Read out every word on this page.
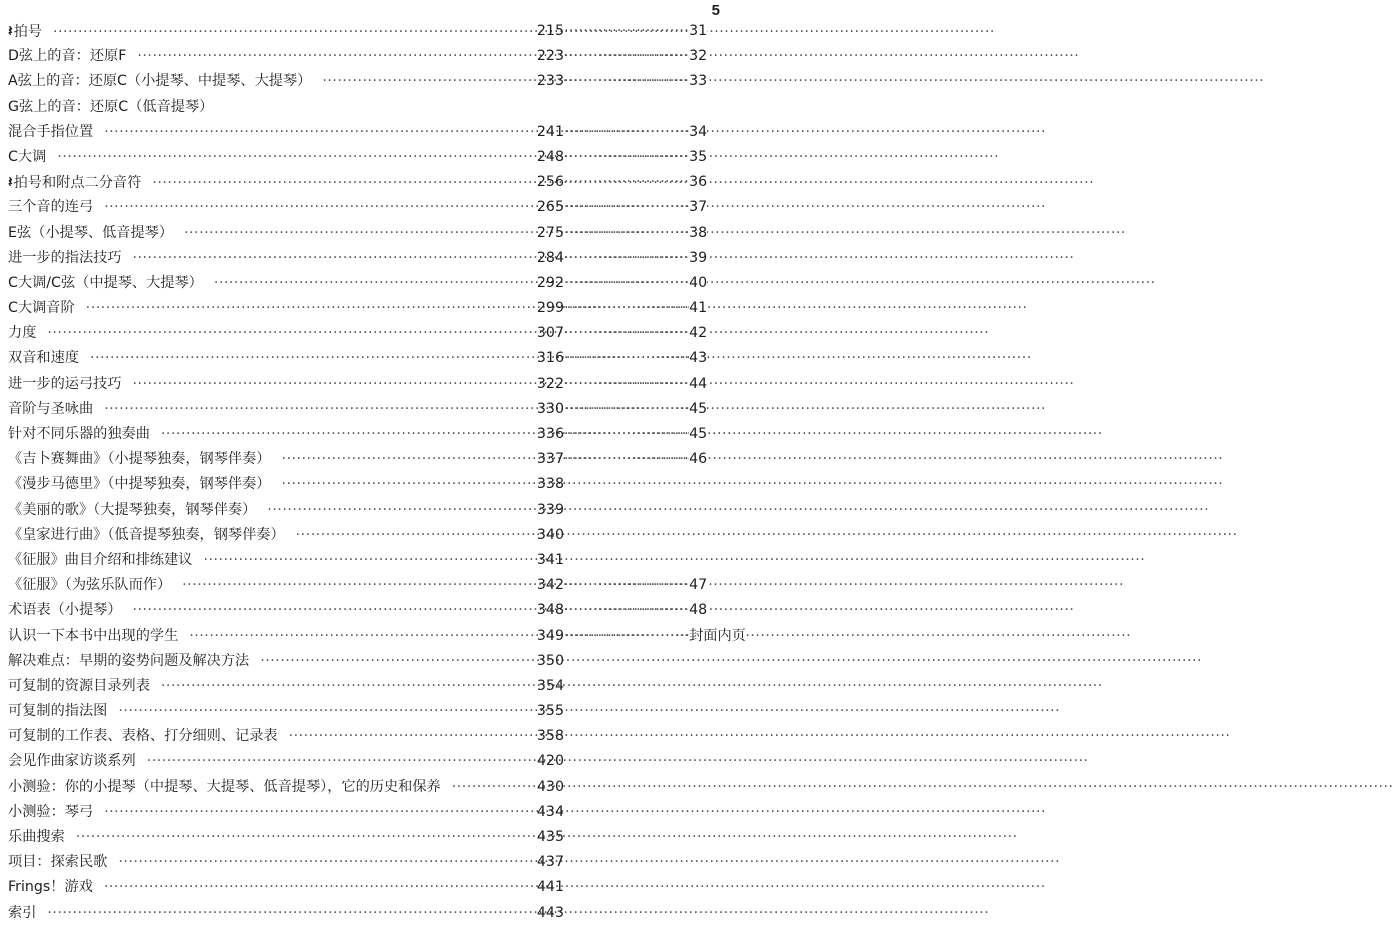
5
𝄽拍号 ·····	215 ··························31
D弦上的音：还原F ·····	223 ··························32
A弦上的音：还原C（小提琴、中提琴、大提琴） ·····	233 ··························33
G弦上的音：还原C（低音提琴）
混合手指位置 ·····	241 ··························34
C大调 ·····	248 ··························35
𝄽拍号和附点二分音符 ·····	256 ··························36
三个音的连弓 ·····	265 ··························37
E弦（小提琴、低音提琴） ·····	275 ··························38
进一步的指法技巧 ·····	284 ··························39
C大调/C弦（中提琴、大提琴） ·····	292 ··························40
C大调音阶 ·····	299 ··························41
力度 ·····	307 ··························42
双音和速度 ·····	316 ··························43
进一步的运弓技巧 ·····	322 ··························44
音阶与圣咏曲 ·····	330 ··························45
针对不同乐器的独奏曲 ·····	336 ··························45
《吉卜赛舞曲》（小提琴独奏，钢琴伴奏） ·····	337 ··························46
《漫步马德里》（中提琴独奏，钢琴伴奏） ·····	338
《美丽的歌》（大提琴独奏，钢琴伴奏） ·····	339
《皇家进行曲》（低音提琴独奏，钢琴伴奏） ·····	340
《征服》曲目介绍和排练建议 ·····	341
《征服》（为弦乐队而作） ·····	342 ··························47
术语表（小提琴） ·····	348 ··························48
认识一下本书中出现的学生 ·····	349 ··························封面内页
解决难点：早期的姿势问题及解决方法 ·····	350
可复制的资源目录列表 ·····	354
可复制的指法图 ·····	355
可复制的工作表、表格、打分细则、记录表 ·····	358
会见作曲家访谈系列 ·····	420
小测验：你的小提琴（中提琴、大提琴、低音提琴），它的历史和保养 ·····	430
小测验：琴弓 ·····	434
乐曲搜索 ·····	435
项目：探索民歌 ·····	437
Frings！游戏 ·····	441
索引 ·····	443
